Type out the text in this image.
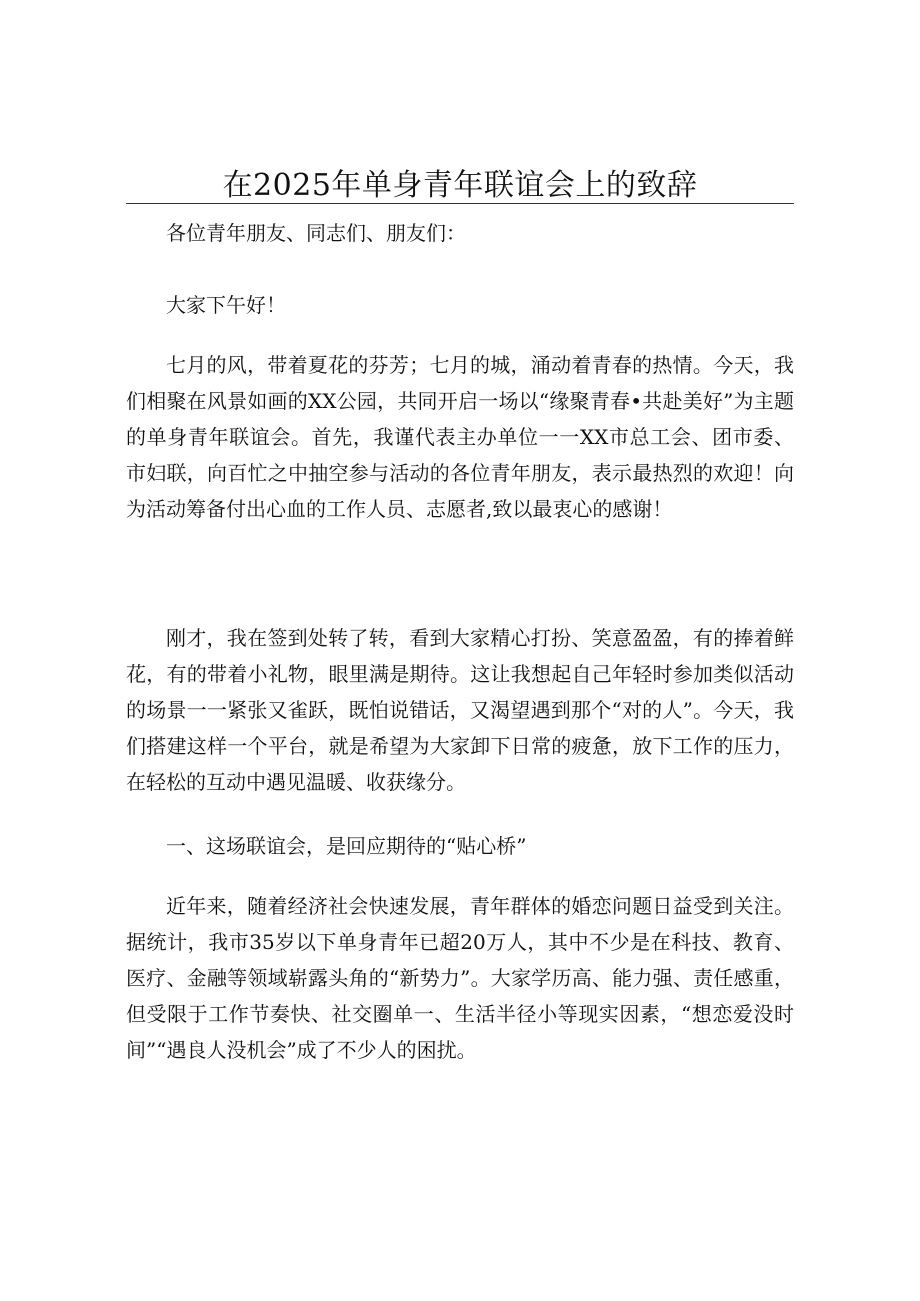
在2025年单身青年联谊会上的致辞

各位青年朋友、同志们、朋友们：

大家下午好！

七月的风，带着夏花的芬芳；七月的城，涌动着青春的热情。今天，我们相聚在风景如画的XX公园，共同开启一场以“缘聚青春•共赴美好”为主题的单身青年联谊会。首先，我谨代表主办单位一一XX市总工会、团市委、市妇联，向百忙之中抽空参与活动的各位青年朋友，表示最热烈的欢迎！向为活动筹备付出心血的工作人员、志愿者,致以最衷心的感谢！

刚才，我在签到处转了转，看到大家精心打扮、笑意盈盈，有的捧着鲜花，有的带着小礼物，眼里满是期待。这让我想起自己年轻时参加类似活动的场景一一紧张又雀跃，既怕说错话，又渴望遇到那个“对的人”。今天，我们搭建这样一个平台，就是希望为大家卸下日常的疲惫，放下工作的压力，在轻松的互动中遇见温暖、收获缘分。

一、这场联谊会，是回应期待的“贴心桥”

近年来，随着经济社会快速发展，青年群体的婚恋问题日益受到关注。据统计，我市35岁以下单身青年已超20万人，其中不少是在科技、教育、医疗、金融等领域崭露头角的“新势力”。大家学历高、能力强、责任感重，但受限于工作节奏快、社交圈单一、生活半径小等现实因素，“想恋爱没时间”“遇良人没机会”成了不少人的困扰。
